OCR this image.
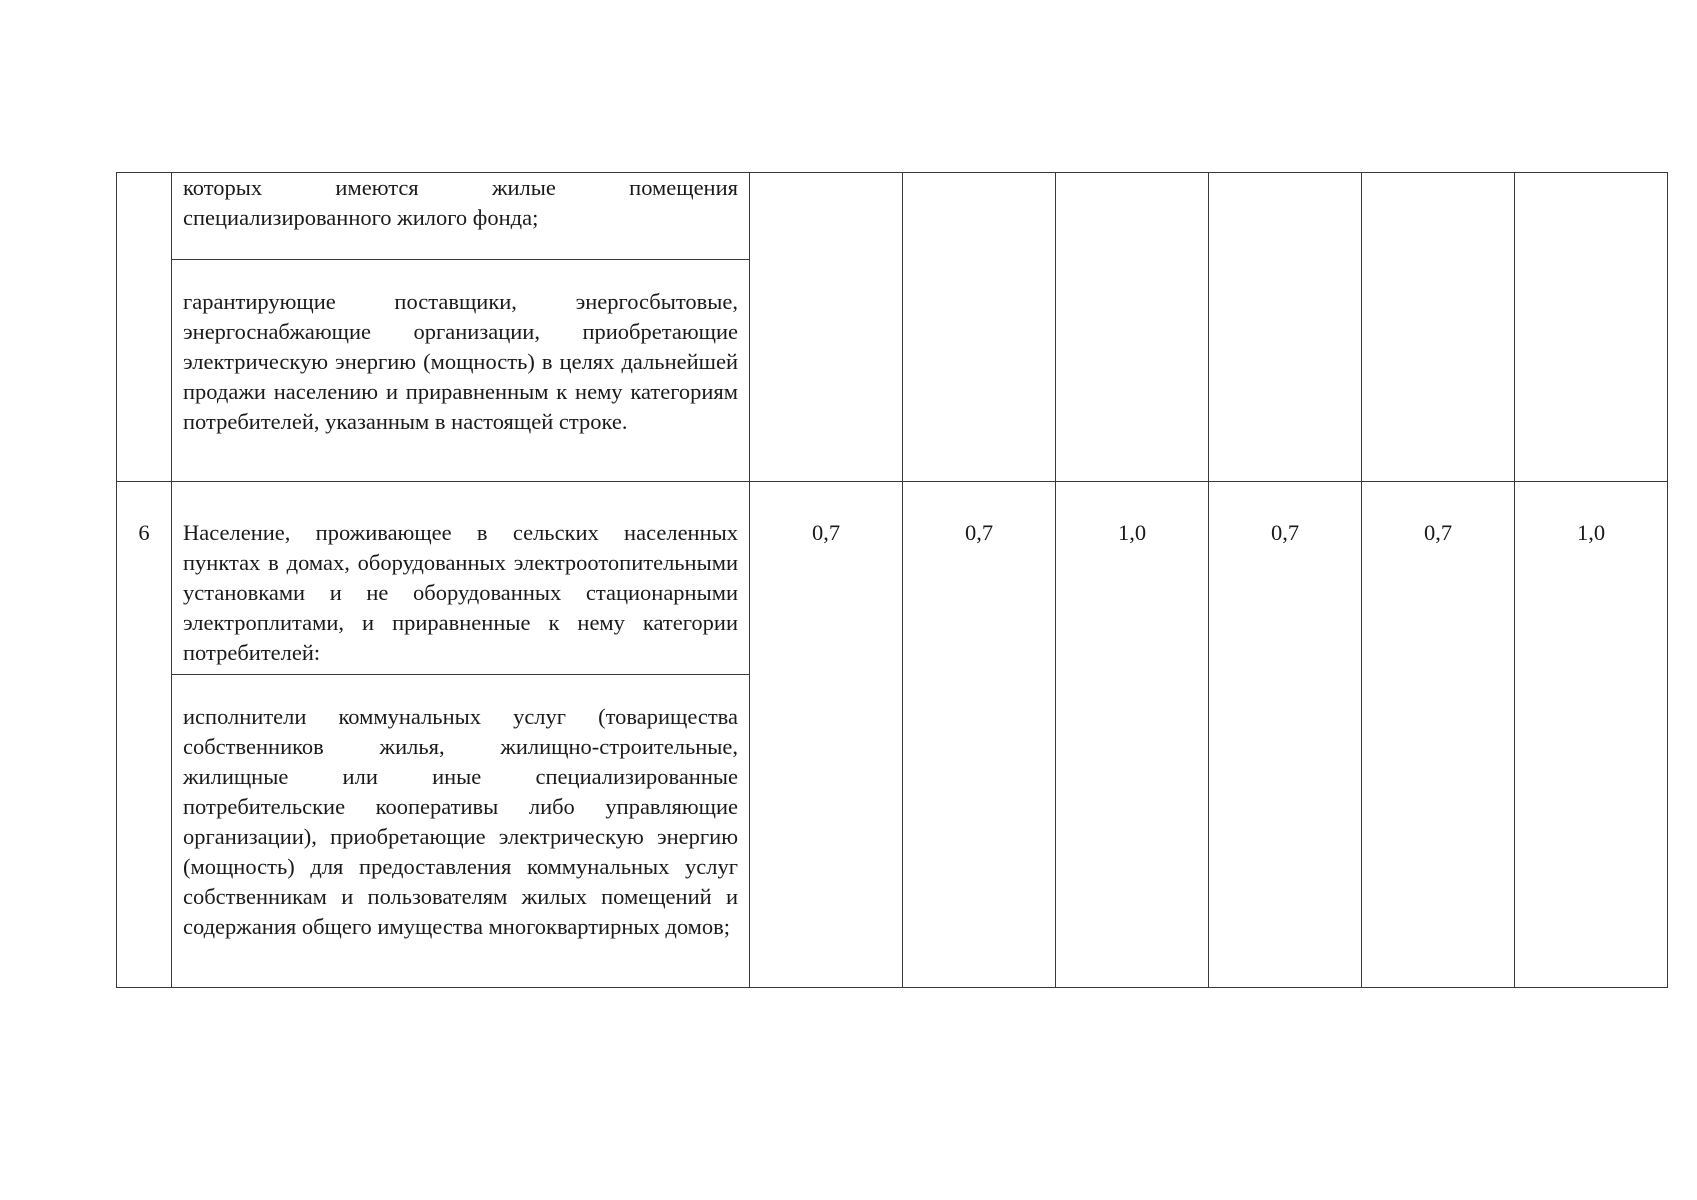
	которых имеются жилые помещения специализированного жилого фонда;						

	гарантирующие поставщики, энергосбытовые, энергоснабжающие организации, приобретающие электрическую энергию (мощность) в целях дальнейшей продажи населению и приравненным к нему категориям потребителей, указанным в настоящей строке.						

6	Население, проживающее в сельских населенных пунктах в домах, оборудованных электроотопительными установками и не оборудованных стационарными электроплитами, и приравненные к нему категории потребителей:	0,7	0,7	1,0	0,7	0,7	1,0

	исполнители коммунальных услуг (товарищества собственников жилья, жилищно-строительные, жилищные или иные специализированные потребительские кооперативы либо управляющие организации), приобретающие электрическую энергию (мощность) для предоставления коммунальных услуг собственникам и пользователям жилых помещений и содержания общего имущества многоквартирных домов;						
